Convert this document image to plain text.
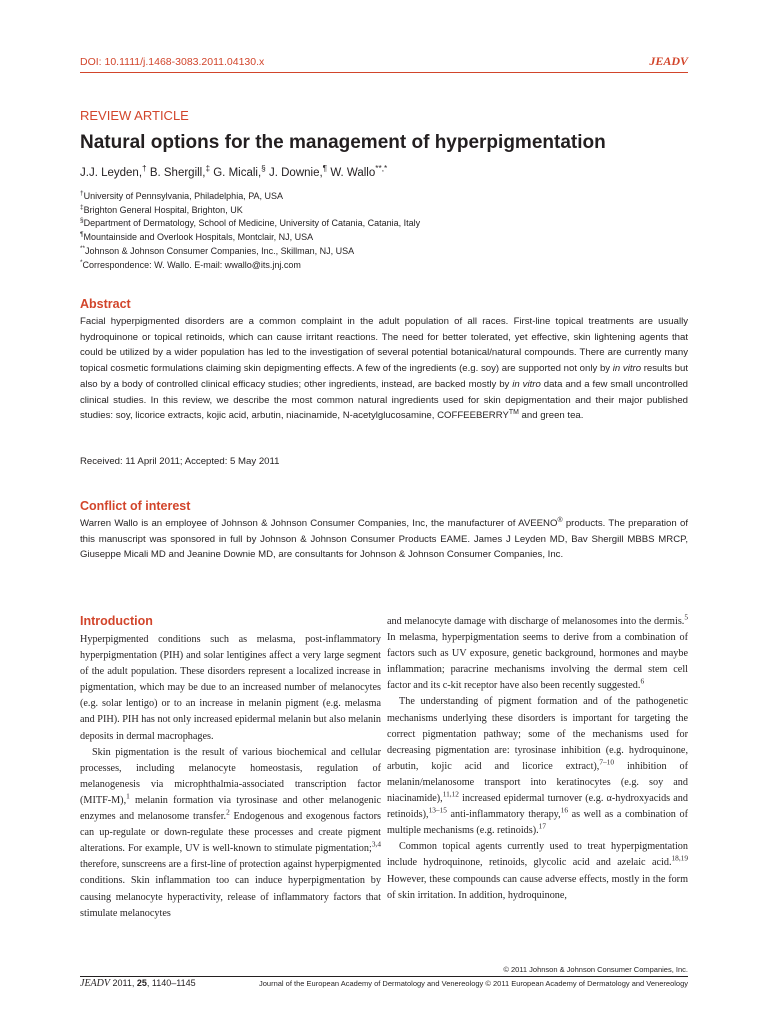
DOI: 10.1111/j.1468-3083.2011.04130.x	JEADV
REVIEW ARTICLE
Natural options for the management of hyperpigmentation
J.J. Leyden,† B. Shergill,‡ G. Micali,§ J. Downie,¶ W. Wallo**,*
†University of Pennsylvania, Philadelphia, PA, USA
‡Brighton General Hospital, Brighton, UK
§Department of Dermatology, School of Medicine, University of Catania, Catania, Italy
¶Mountainside and Overlook Hospitals, Montclair, NJ, USA
**Johnson & Johnson Consumer Companies, Inc., Skillman, NJ, USA
*Correspondence: W. Wallo. E-mail: wwallo@its.jnj.com
Abstract

Facial hyperpigmented disorders are a common complaint in the adult population of all races. First-line topical treatments are usually hydroquinone or topical retinoids, which can cause irritant reactions. The need for better tolerated, yet effective, skin lightening agents that could be utilized by a wider population has led to the investigation of several potential botanical/natural compounds. There are currently many topical cosmetic formulations claiming skin depigmenting effects. A few of the ingredients (e.g. soy) are supported not only by in vitro results but also by a body of controlled clinical efficacy studies; other ingredients, instead, are backed mostly by in vitro data and a few small uncontrolled clinical studies. In this review, we describe the most common natural ingredients used for skin depigmentation and their major published studies: soy, licorice extracts, kojic acid, arbutin, niacinamide, N-acetylglucosamine, COFFEEBERRY™ and green tea.

Received: 11 April 2011; Accepted: 5 May 2011
Conflict of interest

Warren Wallo is an employee of Johnson & Johnson Consumer Companies, Inc, the manufacturer of AVEENO® products. The preparation of this manuscript was sponsored in full by Johnson & Johnson Consumer Products EAME. James J Leyden MD, Bav Shergill MBBS MRCP, Giuseppe Micali MD and Jeanine Downie MD, are consultants for Johnson & Johnson Consumer Companies, Inc.

Introduction

Hyperpigmented conditions such as melasma, post-inflammatory hyperpigmentation (PIH) and solar lentigines affect a very large segment of the adult population. These disorders represent a localized increase in pigmentation, which may be due to an increased number of melanocytes (e.g. solar lentigo) or to an increase in melanin pigment (e.g. melasma and PIH). PIH has not only increased epidermal melanin but also melanin deposits in dermal macrophages.

Skin pigmentation is the result of various biochemical and cellular processes, including melanocyte homeostasis, regulation of melanogenesis via microphthalmia-associated transcription factor (MITF-M),$^1$ melanin formation via tyrosinase and other melanogenic enzymes and melanosome transfer.$^2$ Endogenous and exogenous factors can up-regulate or down-regulate these processes and create pigment alterations. For example, UV is well-known to stimulate pigmentation;$^{3,4}$ therefore, sunscreens are a first-line of protection against hyperpigmented conditions. Skin inflammation too can induce hyperpigmentation by causing melanocyte hyperactivity, release of inflammatory factors that stimulate melanocytes

and melanocyte damage with discharge of melanosomes into the dermis.$^5$ In melasma, hyperpigmentation seems to derive from a combination of factors such as UV exposure, genetic background, hormones and maybe inflammation; paracrine mechanisms involving the dermal stem cell factor and its c-kit receptor have also been recently suggested.$^6$

The understanding of pigment formation and of the pathogenetic mechanisms underlying these disorders is important for targeting the correct pigmentation pathway; some of the mechanisms used for decreasing pigmentation are: tyrosinase inhibition (e.g. hydroquinone, arbutin, kojic acid and licorice extract),$^{7-10}$ inhibition of melanin/melanosome transport into keratinocytes (e.g. soy and niacinamide),$^{11,12}$ increased epidermal turnover (e.g. α-hydroxyacids and retinoids),$^{13-15}$ anti-inflammatory therapy,$^{16}$ as well as a combination of multiple mechanisms (e.g. retinoids).$^{17}$

Common topical agents currently used to treat hyperpigmentation include hydroquinone, retinoids, glycolic acid and azelaic acid.$^{18,19}$ However, these compounds can cause adverse effects, mostly in the form of skin irritation. In addition, hydroquinone,

© 2011 Johnson & Johnson Consumer Companies, Inc.
JEADV 2011, 25, 1140–1145	Journal of the European Academy of Dermatology and Venereology © 2011 European Academy of Dermatology and Venereology
